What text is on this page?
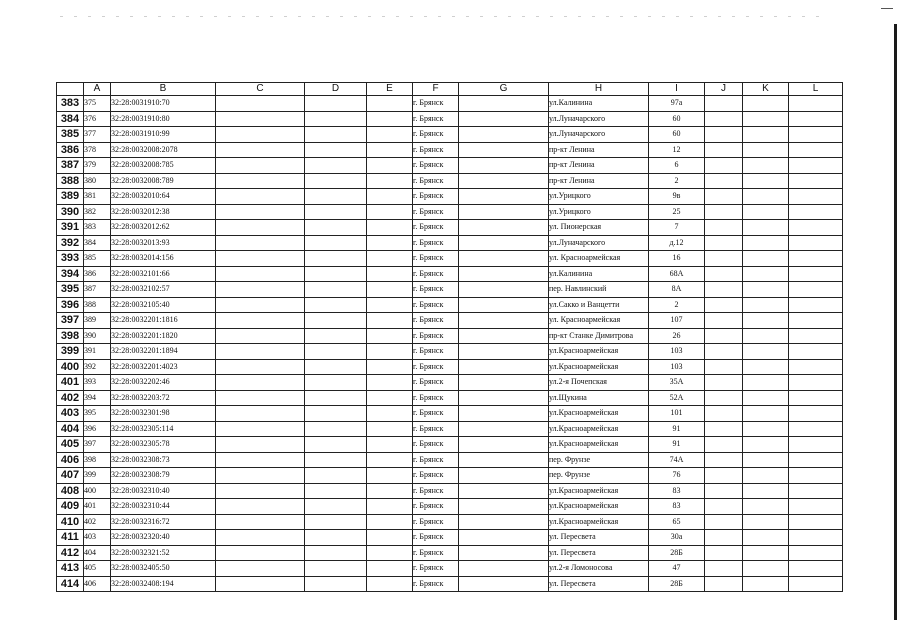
	A	B	C	D	E	F	G	H	I	J	K	L
383	375	32:28:0031910:70				г. Брянск		ул.Калинина	97а			
384	376	32:28:0031910:80				г. Брянск		ул.Луначарского	60			
385	377	32:28:0031910:99				г. Брянск		ул.Луначарского	60			
386	378	32:28:0032008:2078				г. Брянск		пр-кт Ленина	12			
387	379	32:28:0032008:785				г. Брянск		пр-кт Ленина	6			
388	380	32:28:0032008:789				г. Брянск		пр-кт Ленина	2			
389	381	32:28:0032010:64				г. Брянск		ул.Урицкого	9в			
390	382	32:28:0032012:38				г. Брянск		ул.Урицкого	25			
391	383	32:28:0032012:62				г. Брянск		ул. Пионерская	7			
392	384	32:28:0032013:93				г. Брянск		ул.Луначарского	д.12			
393	385	32:28:0032014:156				г. Брянск		ул. Красноармейская	16			
394	386	32:28:0032101:66				г. Брянск		ул.Калинина	68А			
395	387	32:28:0032102:57				г. Брянск		пер. Навлинский	8А			
396	388	32:28:0032105:40				г. Брянск		ул.Сакко и Ванцетти	2			
397	389	32:28:0032201:1816				г. Брянск		ул. Красноармейская	107			
398	390	32:28:0032201:1820				г. Брянск		пр-кт Станке Димитрова	26			
399	391	32:28:0032201:1894				г. Брянск		ул.Красноармейская	103			
400	392	32:28:0032201:4023				г. Брянск		ул.Красноармейская	103			
401	393	32:28:0032202:46				г. Брянск		ул.2-я Почепская	35А			
402	394	32:28:0032203:72				г. Брянск		ул.Щукина	52А			
403	395	32:28:0032301:98				г. Брянск		ул.Красноармейская	101			
404	396	32:28:0032305:114				г. Брянск		ул.Красноармейская	91			
405	397	32:28:0032305:78				г. Брянск		ул.Красноармейская	91			
406	398	32:28:0032308:73				г. Брянск		пер. Фрунзе	74А			
407	399	32:28:0032308:79				г. Брянск		пер. Фрунзе	76			
408	400	32:28:0032310:40				г. Брянск		ул.Красноармейская	83			
409	401	32:28:0032310:44				г. Брянск		ул.Красноармейская	83			
410	402	32:28:0032316:72				г. Брянск		ул.Красноармейская	65			
411	403	32:28:0032320:40				г. Брянск		ул. Пересвета	30а			
412	404	32:28:0032321:52				г. Брянск		ул. Пересвета	28Б			
413	405	32:28:0032405:50				г. Брянск		ул.2-я Ломоносова	47			
414	406	32:28:0032408:194				г. Брянск		ул. Пересвета	28Б			
